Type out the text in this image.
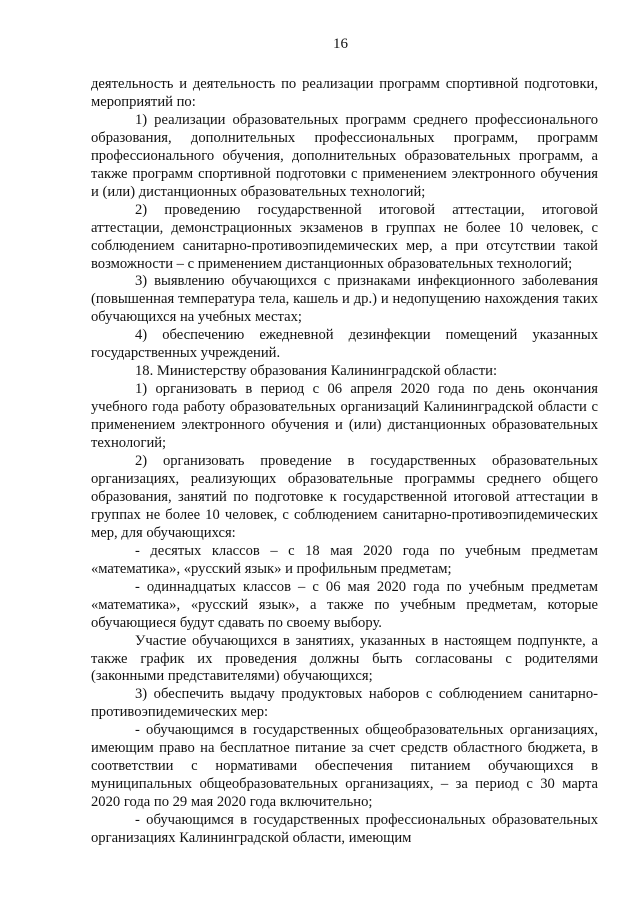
16

деятельность и деятельность по реализации программ спортивной подготовки, мероприятий по:

1) реализации образовательных программ среднего профессионального образования, дополнительных профессиональных программ, программ профессионального обучения, дополнительных образовательных программ, а также программ спортивной подготовки с применением электронного обучения и (или) дистанционных образовательных технологий;

2) проведению государственной итоговой аттестации, итоговой аттестации, демонстрационных экзаменов в группах не более 10 человек, с соблюдением санитарно-противоэпидемических мер, а при отсутствии такой возможности – с применением дистанционных образовательных технологий;

3) выявлению обучающихся с признаками инфекционного заболевания (повышенная температура тела, кашель и др.) и недопущению нахождения таких обучающихся на учебных местах;

4) обеспечению ежедневной дезинфекции помещений указанных государственных учреждений.

18. Министерству образования Калининградской области:

1) организовать в период с 06 апреля 2020 года по день окончания учебного года работу образовательных организаций Калининградской области с применением электронного обучения и (или) дистанционных образовательных технологий;

2) организовать проведение в государственных образовательных организациях, реализующих образовательные программы среднего общего образования, занятий по подготовке к государственной итоговой аттестации в группах не более 10 человек, с соблюдением санитарно-противоэпидемических мер, для обучающихся:

- десятых классов – с 18 мая 2020 года по учебным предметам «математика», «русский язык» и профильным предметам;

- одиннадцатых классов – с 06 мая 2020 года по учебным предметам «математика», «русский язык», а также по учебным предметам, которые обучающиеся будут сдавать по своему выбору.

Участие обучающихся в занятиях, указанных в настоящем подпункте, а также график их проведения должны быть согласованы с родителями (законными представителями) обучающихся;

3) обеспечить выдачу продуктовых наборов с соблюдением санитарно-противоэпидемических мер:

- обучающимся в государственных общеобразовательных организациях, имеющим право на бесплатное питание за счет средств областного бюджета, в соответствии с нормативами обеспечения питанием обучающихся в муниципальных общеобразовательных организациях, – за период с 30 марта 2020 года по 29 мая 2020 года включительно;

- обучающимся в государственных профессиональных образовательных организациях Калининградской области, имеющим
